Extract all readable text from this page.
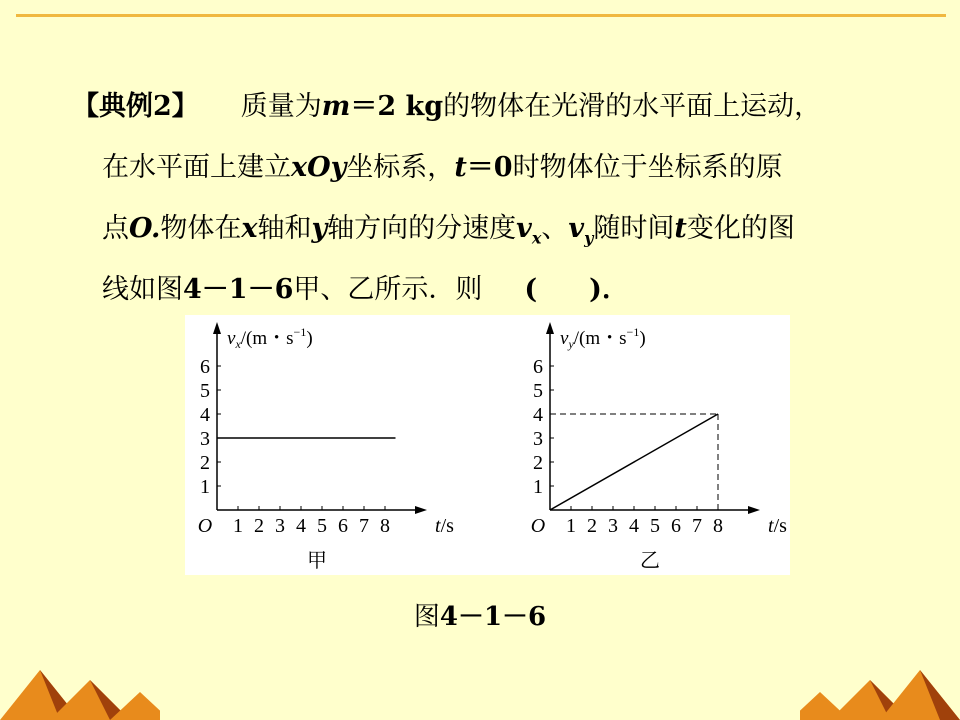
【典例2】 质量为m＝2 kg的物体在光滑的水平面上运动，
在水平面上建立xOy坐标系，t＝0时物体位于坐标系的原
点O.物体在x轴和y轴方向的分速度$v_x$、$v_y$随时间t变化的图
线如图4－1－6甲、乙所示．则 ( )．
1 2 3 4 5 6 7 8
1
2
3
4
5
6
O
$v_x/(m$・$s^{-1}$)
t/s
甲
1 2 3 4 5 6 7 8
1
2
3
4
5
6
O
$v_y/(m$・$s^{-1}$)
t/s
乙
图4－1－6
